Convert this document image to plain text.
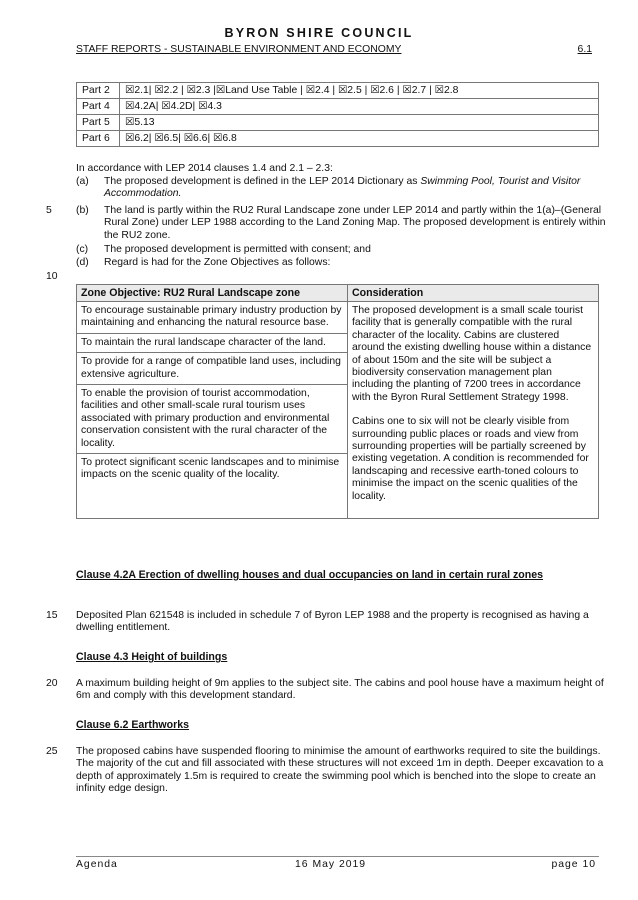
BYRON SHIRE COUNCIL
STAFF REPORTS - SUSTAINABLE ENVIRONMENT AND ECONOMY	6.1
Part 2	☒2.1| ☒2.2 | ☒2.3 |☒Land Use Table | ☒2.4 | ☒2.5 | ☒2.6 | ☒2.7 | ☒2.8
Part 4	☒4.2A| ☒4.2D| ☒4.3
Part 5	☒5.13
Part 6	☒6.2| ☒6.5| ☒6.6| ☒6.8
In accordance with LEP 2014 clauses 1.4 and 2.1 – 2.3:
(a) The proposed development is defined in the LEP 2014 Dictionary as Swimming Pool, Tourist and Visitor Accommodation.
5 (b) The land is partly within the RU2 Rural Landscape zone under LEP 2014 and partly within the 1(a)–(General Rural Zone) under LEP 1988 according to the Land Zoning Map. The proposed development is entirely within the RU2 zone.
(c) The proposed development is permitted with consent; and
(d) Regard is had for the Zone Objectives as follows:
10
Zone Objective: RU2 Rural Landscape zone	Consideration
To encourage sustainable primary industry production by maintaining and enhancing the natural resource base.	The proposed development is a small scale tourist facility that is generally compatible with the rural character of the locality. Cabins are clustered around the existing dwelling house within a distance of about 150m and the site will be subject a biodiversity conservation management plan including the planting of 7200 trees in accordance with the Byron Rural Settlement Strategy 1998.

Cabins one to six will not be clearly visible from surrounding public places or roads and view from surrounding properties will be partially screened by existing vegetation. A condition is recommended for landscaping and recessive earth-toned colours to minimise the impact on the scenic qualities of the locality.

To maintain the rural landscape character of the land.	
To provide for a range of compatible land uses, including extensive agriculture.	
To enable the provision of tourist accommodation, facilities and other small-scale rural tourism uses associated with primary production and environmental conservation consistent with the rural character of the locality.	
To protect significant scenic landscapes and to minimise impacts on the scenic quality of the locality.	
Clause 4.2A Erection of dwelling houses and dual occupancies on land in certain rural zones
15 Deposited Plan 621548 is included in schedule 7 of Byron LEP 1988 and the property is recognised as having a dwelling entitlement.
Clause 4.3 Height of buildings
20 A maximum building height of 9m applies to the subject site. The cabins and pool house have a maximum height of 6m and comply with this development standard.
Clause 6.2 Earthworks
25 The proposed cabins have suspended flooring to minimise the amount of earthworks required to site the buildings. The majority of the cut and fill associated with these structures will not exceed 1m in depth. Deeper excavation to a depth of approximately 1.5m is required to create the swimming pool which is benched into the slope to create an infinity edge design.
Agenda	16 May 2019	page 10
